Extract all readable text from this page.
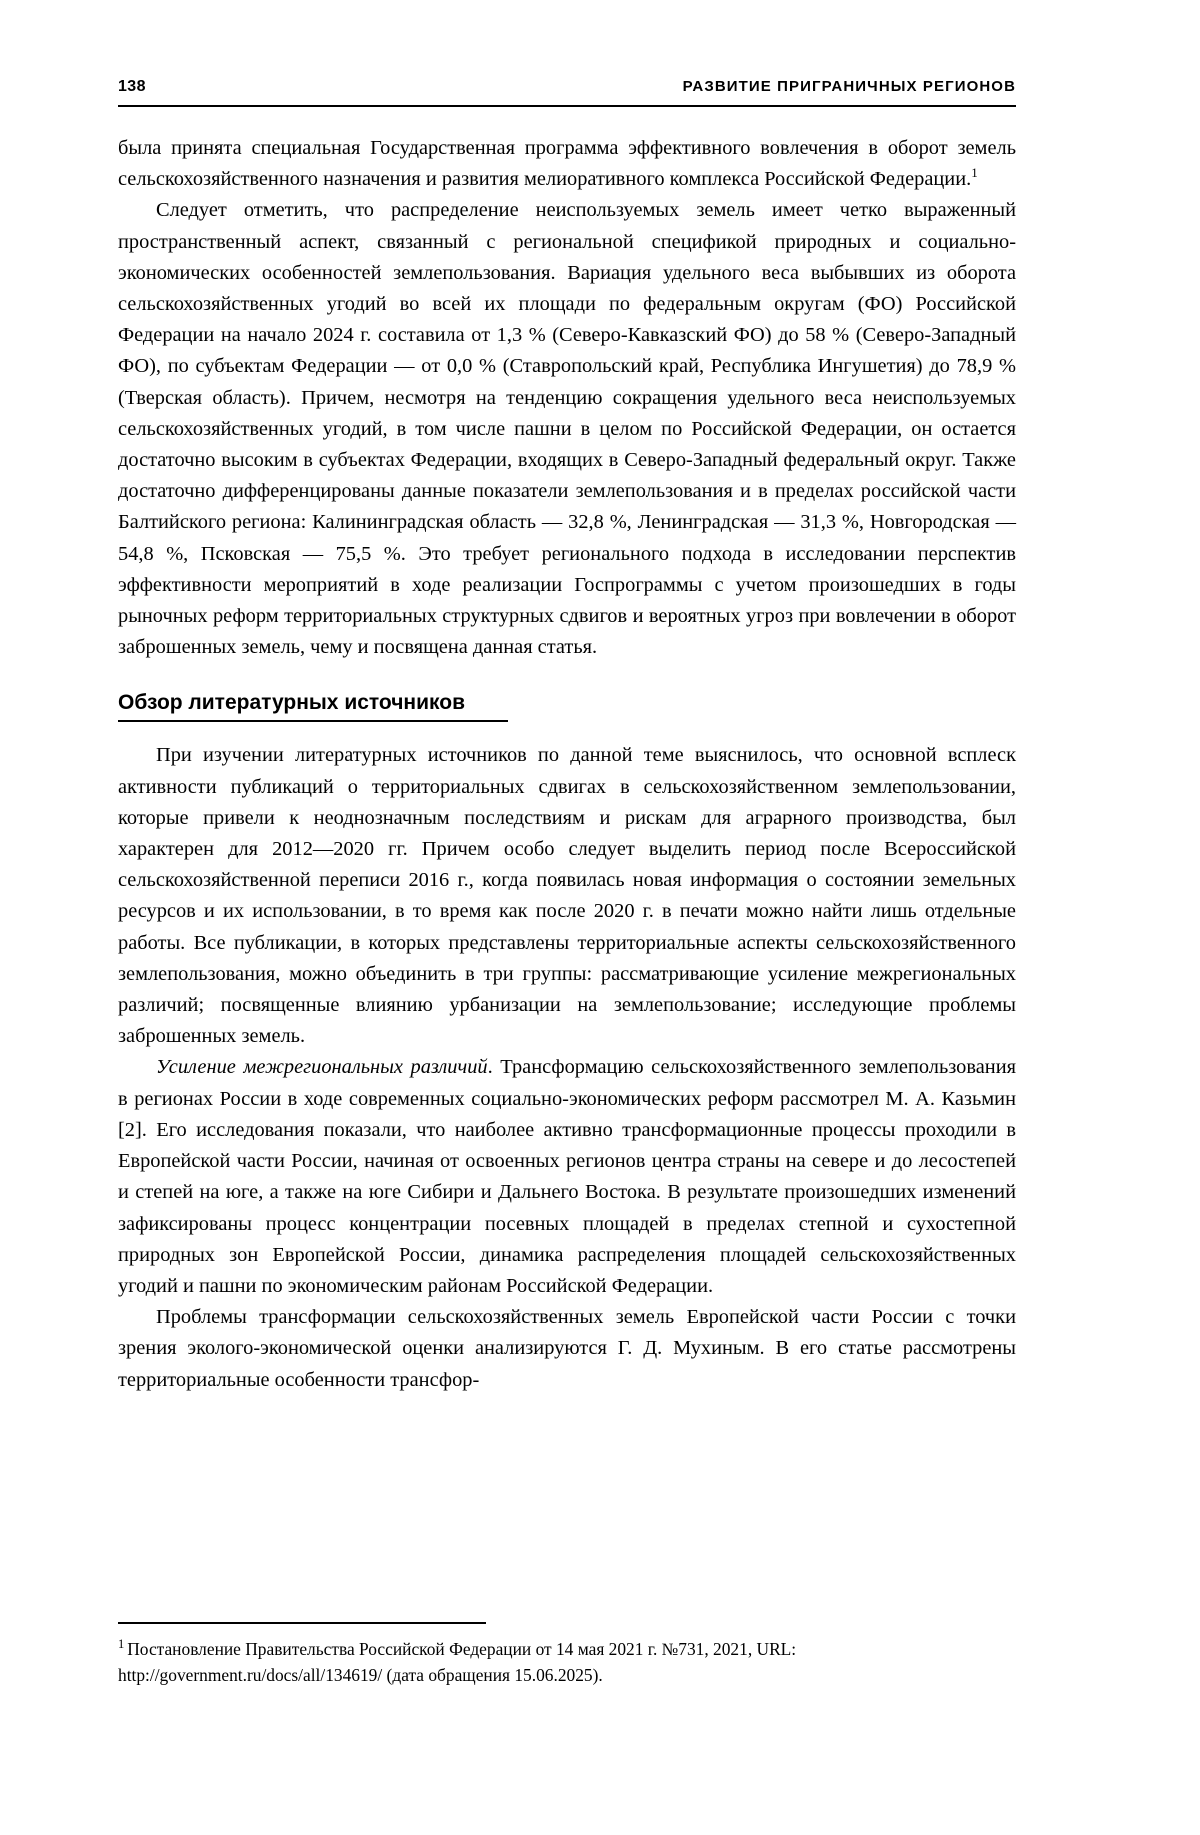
138	РАЗВИТИЕ ПРИГРАНИЧНЫХ РЕГИОНОВ

была принята специальная Государственная программа эффективного вовлечения в оборот земель сельскохозяйственного назначения и развития мелиоративного комплекса Российской Федерации.$^1$

Следует отметить, что распределение неиспользуемых земель имеет четко выраженный пространственный аспект, связанный с региональной спецификой природных и социально-экономических особенностей землепользования. Вариация удельного веса выбывших из оборота сельскохозяйственных угодий во всей их площади по федеральным округам (ФО) Российской Федерации на начало 2024 г. составила от 1,3 % (Северо-Кавказский ФО) до 58 % (Северо-Западный ФО), по субъектам Федерации — от 0,0 % (Ставропольский край, Республика Ингушетия) до 78,9 % (Тверская область). Причем, несмотря на тенденцию сокращения удельного веса неиспользуемых сельскохозяйственных угодий, в том числе пашни в целом по Российской Федерации, он остается достаточно высоким в субъектах Федерации, входящих в Северо-Западный федеральный округ. Также достаточно дифференцированы данные показатели землепользования и в пределах российской части Балтийского региона: Калининградская область — 32,8 %, Ленинградская — 31,3 %, Новгородская — 54,8 %, Псковская — 75,5 %. Это требует регионального подхода в исследовании перспектив эффективности мероприятий в ходе реализации Госпрограммы с учетом произошедших в годы рыночных реформ территориальных структурных сдвигов и вероятных угроз при вовлечении в оборот заброшенных земель, чему и посвящена данная статья.

Обзор литературных источников

При изучении литературных источников по данной теме выяснилось, что основной всплеск активности публикаций о территориальных сдвигах в сельскохозяйственном землепользовании, которые привели к неоднозначным последствиям и рискам для аграрного производства, был характерен для 2012—2020 гг. Причем особо следует выделить период после Всероссийской сельскохозяйственной переписи 2016 г., когда появилась новая информация о состоянии земельных ресурсов и их использовании, в то время как после 2020 г. в печати можно найти лишь отдельные работы. Все публикации, в которых представлены территориальные аспекты сельскохозяйственного землепользования, можно объединить в три группы: рассматривающие усиление межрегиональных различий; посвященные влиянию урбанизации на землепользование; исследующие проблемы заброшенных земель.

Усиление межрегиональных различий. Трансформацию сельскохозяйственного землепользования в регионах России в ходе современных социально-экономических реформ рассмотрел М. А. Казьмин [2]. Его исследования показали, что наиболее активно трансформационные процессы проходили в Европейской части России, начиная от освоенных регионов центра страны на севере и до лесостепей и степей на юге, а также на юге Сибири и Дальнего Востока. В результате произошедших изменений зафиксированы процесс концентрации посевных площадей в пределах степной и сухостепной природных зон Европейской России, динамика распределения площадей сельскохозяйственных угодий и пашни по экономическим районам Российской Федерации.

Проблемы трансформации сельскохозяйственных земель Европейской части России с точки зрения эколого-экономической оценки анализируются Г. Д. Мухиным. В его статье рассмотрены территориальные особенности трансфор-

$^1$ Постановление Правительства Российской Федерации от 14 мая 2021 г. №731, 2021, URL: http://government.ru/docs/all/134619/ (дата обращения 15.06.2025).
